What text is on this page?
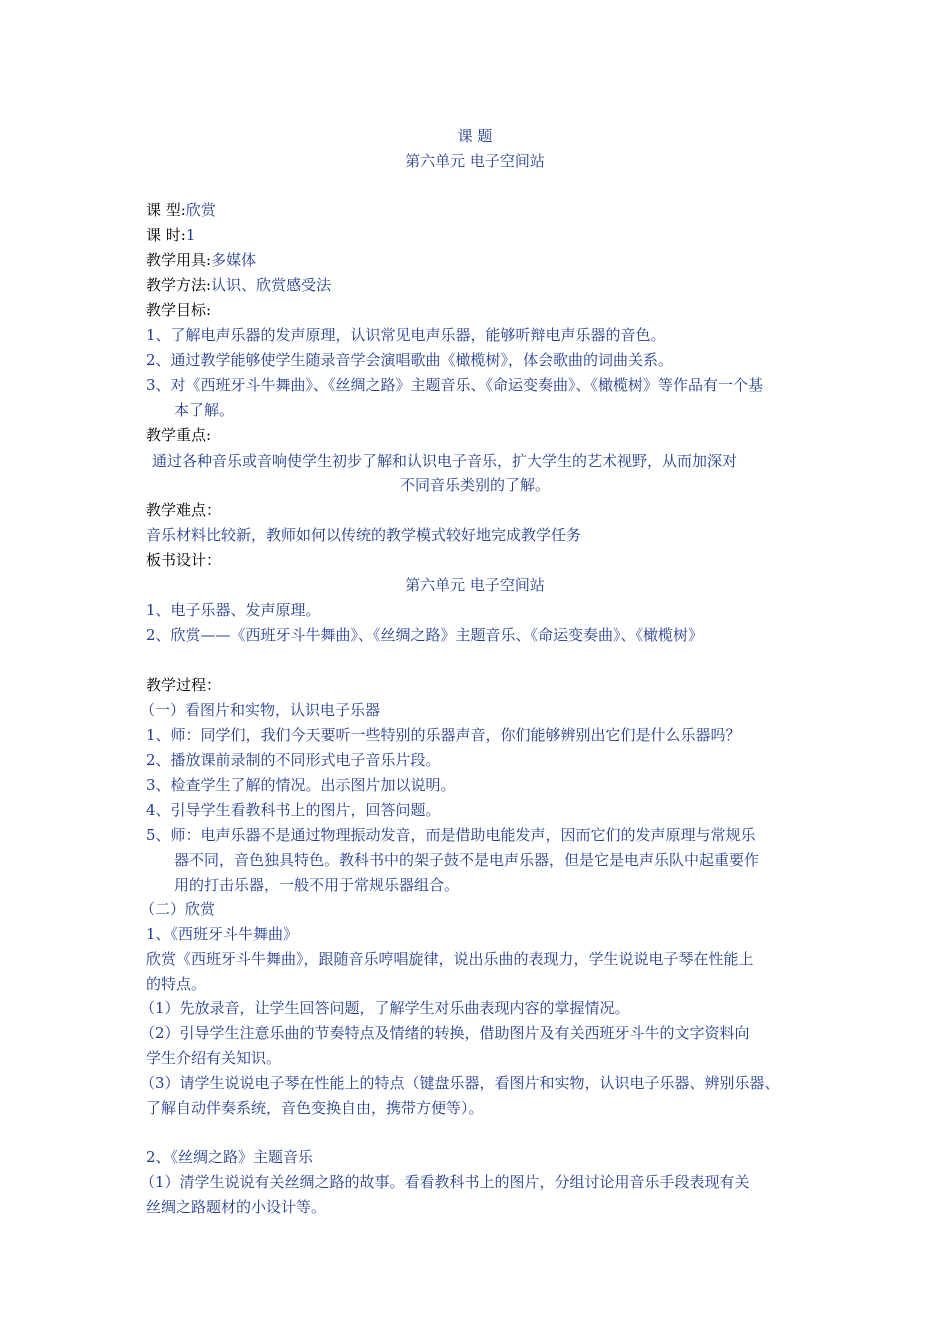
课 题
第六单元 电子空间站
课 型:欣赏
课 时:1
教学用具:多媒体
教学方法:认识、欣赏感受法
教学目标:
1、了解电声乐器的发声原理，认识常见电声乐器，能够听辩电声乐器的音色。
2、通过教学能够使学生随录音学会演唱歌曲《橄榄树》，体会歌曲的词曲关系。
3、对《西班牙斗牛舞曲》、《丝绸之路》主题音乐、《命运变奏曲》、《橄榄树》等作品有一个基
本了解。
教学重点:
通过各种音乐或音响使学生初步了解和认识电子音乐，扩大学生的艺术视野，从而加深对
不同音乐类别的了解。
教学难点：
音乐材料比较新，教师如何以传统的教学模式较好地完成教学任务
板书设计：
第六单元 电子空间站
1、电子乐器、发声原理。
2、欣赏——《西班牙斗牛舞曲》、《丝绸之路》主题音乐、《命运变奏曲》、《橄榄树》
教学过程：
（一）看图片和实物，认识电子乐器
1、师：同学们，我们今天要听一些特别的乐器声音，你们能够辨别出它们是什么乐器吗？
2、播放课前录制的不同形式电子音乐片段。
3、检查学生了解的情况。出示图片加以说明。
4、引导学生看教科书上的图片，回答问题。
5、师：电声乐器不是通过物理振动发音，而是借助电能发声，因而它们的发声原理与常规乐
器不同，音色独具特色。教科书中的架子鼓不是电声乐器，但是它是电声乐队中起重要作
用的打击乐器，一般不用于常规乐器组合。
（二）欣赏
1、《西班牙斗牛舞曲》
欣赏《西班牙斗牛舞曲》，跟随音乐哼唱旋律，说出乐曲的表现力，学生说说电子琴在性能上
的特点。
（1）先放录音，让学生回答问题，了解学生对乐曲表现内容的掌握情况。
（2）引导学生注意乐曲的节奏特点及情绪的转换，借助图片及有关西班牙斗牛的文字资料向
学生介绍有关知识。
（3）请学生说说电子琴在性能上的特点（键盘乐器，看图片和实物，认识电子乐器、辨别乐器、
了解自动伴奏系统，音色变换自由，携带方便等）。
2、《丝绸之路》主题音乐
（1）清学生说说有关丝绸之路的故事。看看教科书上的图片，分组讨论用音乐手段表现有关
丝绸之路题材的小设计等。
